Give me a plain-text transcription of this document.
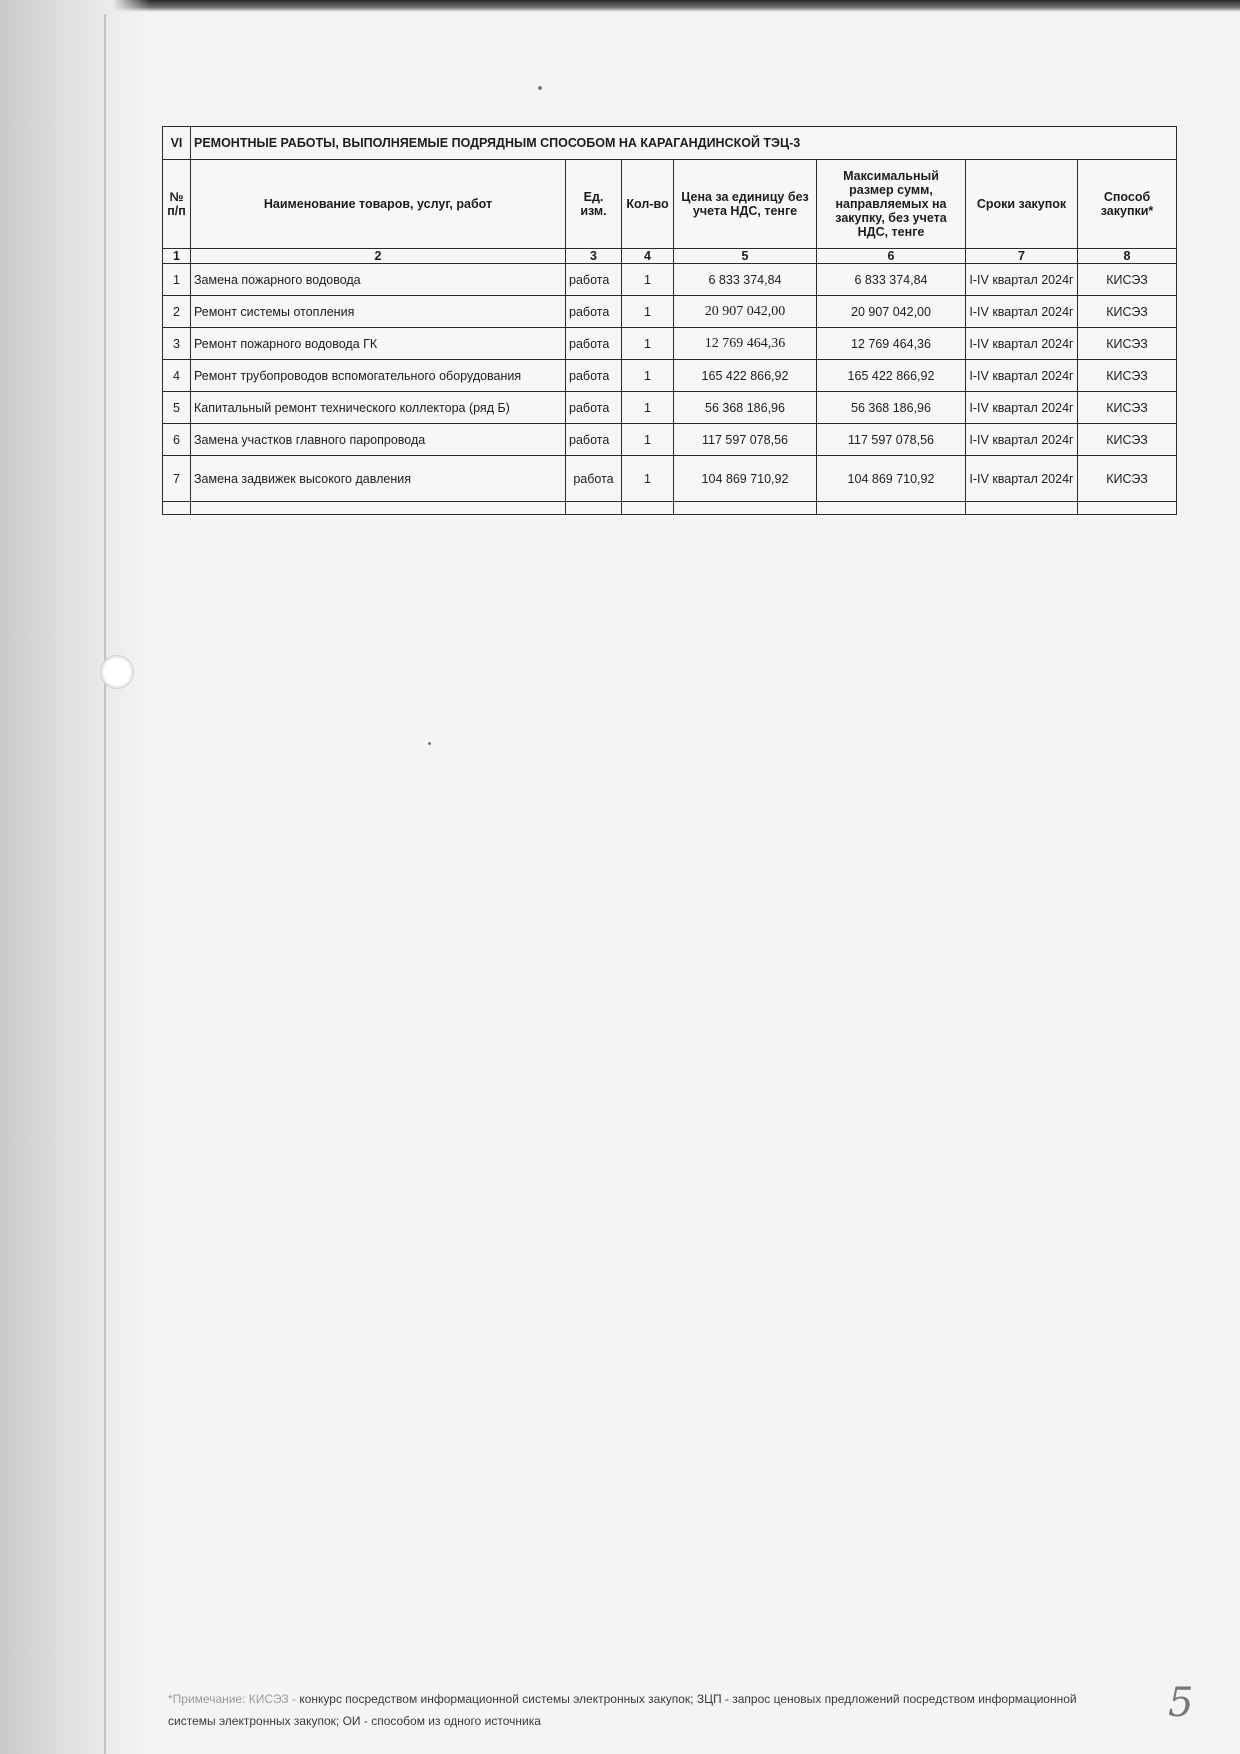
VI	РЕМОНТНЫЕ РАБОТЫ, ВЫПОЛНЯЕМЫЕ ПОДРЯДНЫМ СПОСОБОМ НА КАРАГАНДИНСКОЙ ТЭЦ-3						
№ п/п	Наименование товаров, услуг, работ	Ед. изм.	Кол-во	Цена за единицу без учета НДС, тенге	Максимальный размер сумм, направляемых на закупку, без учета НДС, тенге	Сроки закупок	Способ закупки*
1	2	3	4	5	6	7	8
1	Замена пожарного водовода	работа	1	6 833 374,84	6 833 374,84	I-IV квартал 2024г	КИСЭЗ
2	Ремонт системы отопления	работа	1	20 907 042,00	20 907 042,00	I-IV квартал 2024г	КИСЭЗ
3	Ремонт пожарного водовода ГК	работа	1	12 769 464,36	12 769 464,36	I-IV квартал 2024г	КИСЭЗ
4	Ремонт трубопроводов вспомогательного оборудования	работа	1	165 422 866,92	165 422 866,92	I-IV квартал 2024г	КИСЭЗ
5	Капитальный ремонт технического коллектора (ряд Б)	работа	1	56 368 186,96	56 368 186,96	I-IV квартал 2024г	КИСЭЗ
6	Замена участков главного паропровода	работа	1	117 597 078,56	117 597 078,56	I-IV квартал 2024г	КИСЭЗ
7	Замена задвижек высокого давления	работа	1	104 869 710,92	104 869 710,92	I-IV квартал 2024г	КИСЭЗ

*Примечание: КИСЭЗ - конкурс посредством информационной системы электронных закупок; ЗЦП - запрос ценовых предложений посредством информационной системы электронных закупок; ОИ - способом из одного источника	5
